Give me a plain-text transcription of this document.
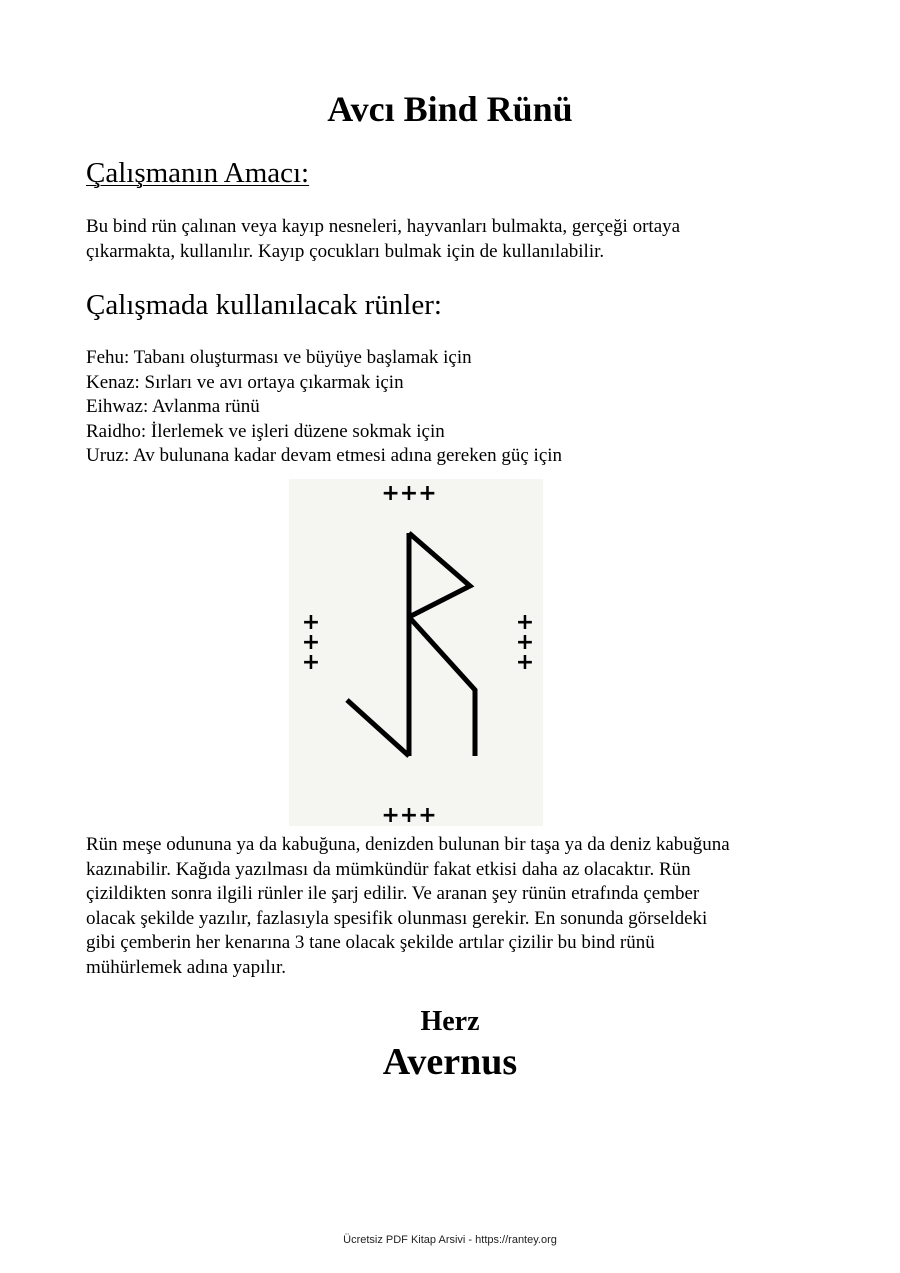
Avcı Bind Rünü
Çalışmanın Amacı:

Bu bind rün çalınan veya kayıp nesneleri, hayvanları bulmakta, gerçeği ortaya
çıkarmakta, kullanılır. Kayıp çocukları bulmak için de kullanılabilir.

Çalışmada kullanılacak rünler:
Fehu: Tabanı oluşturması ve büyüye başlamak için
Kenaz: Sırları ve avı ortaya çıkarmak için
Eihwaz: Avlanma rünü
Raidho: İlerlemek ve işleri düzene sokmak için
Uruz: Av bulunana kadar devam etmesi adına gereken güç için
+++
+++
+
+
+
+
+
+

Rün meşe odununa ya da kabuğuna, denizden bulunan bir taşa ya da deniz kabuğuna
kazınabilir. Kağıda yazılması da mümkündür fakat etkisi daha az olacaktır. Rün
çizildikten sonra ilgili rünler ile şarj edilir. Ve aranan şey rünün etrafında çember
olacak şekilde yazılır, fazlasıyla spesifik olunması gerekir. En sonunda görseldeki
gibi çemberin her kenarına 3 tane olacak şekilde artılar çizilir bu bind rünü
mühürlemek adına yapılır.

Herz
Avernus
Ücretsiz PDF Kitap Arsivi - https://rantey.org
